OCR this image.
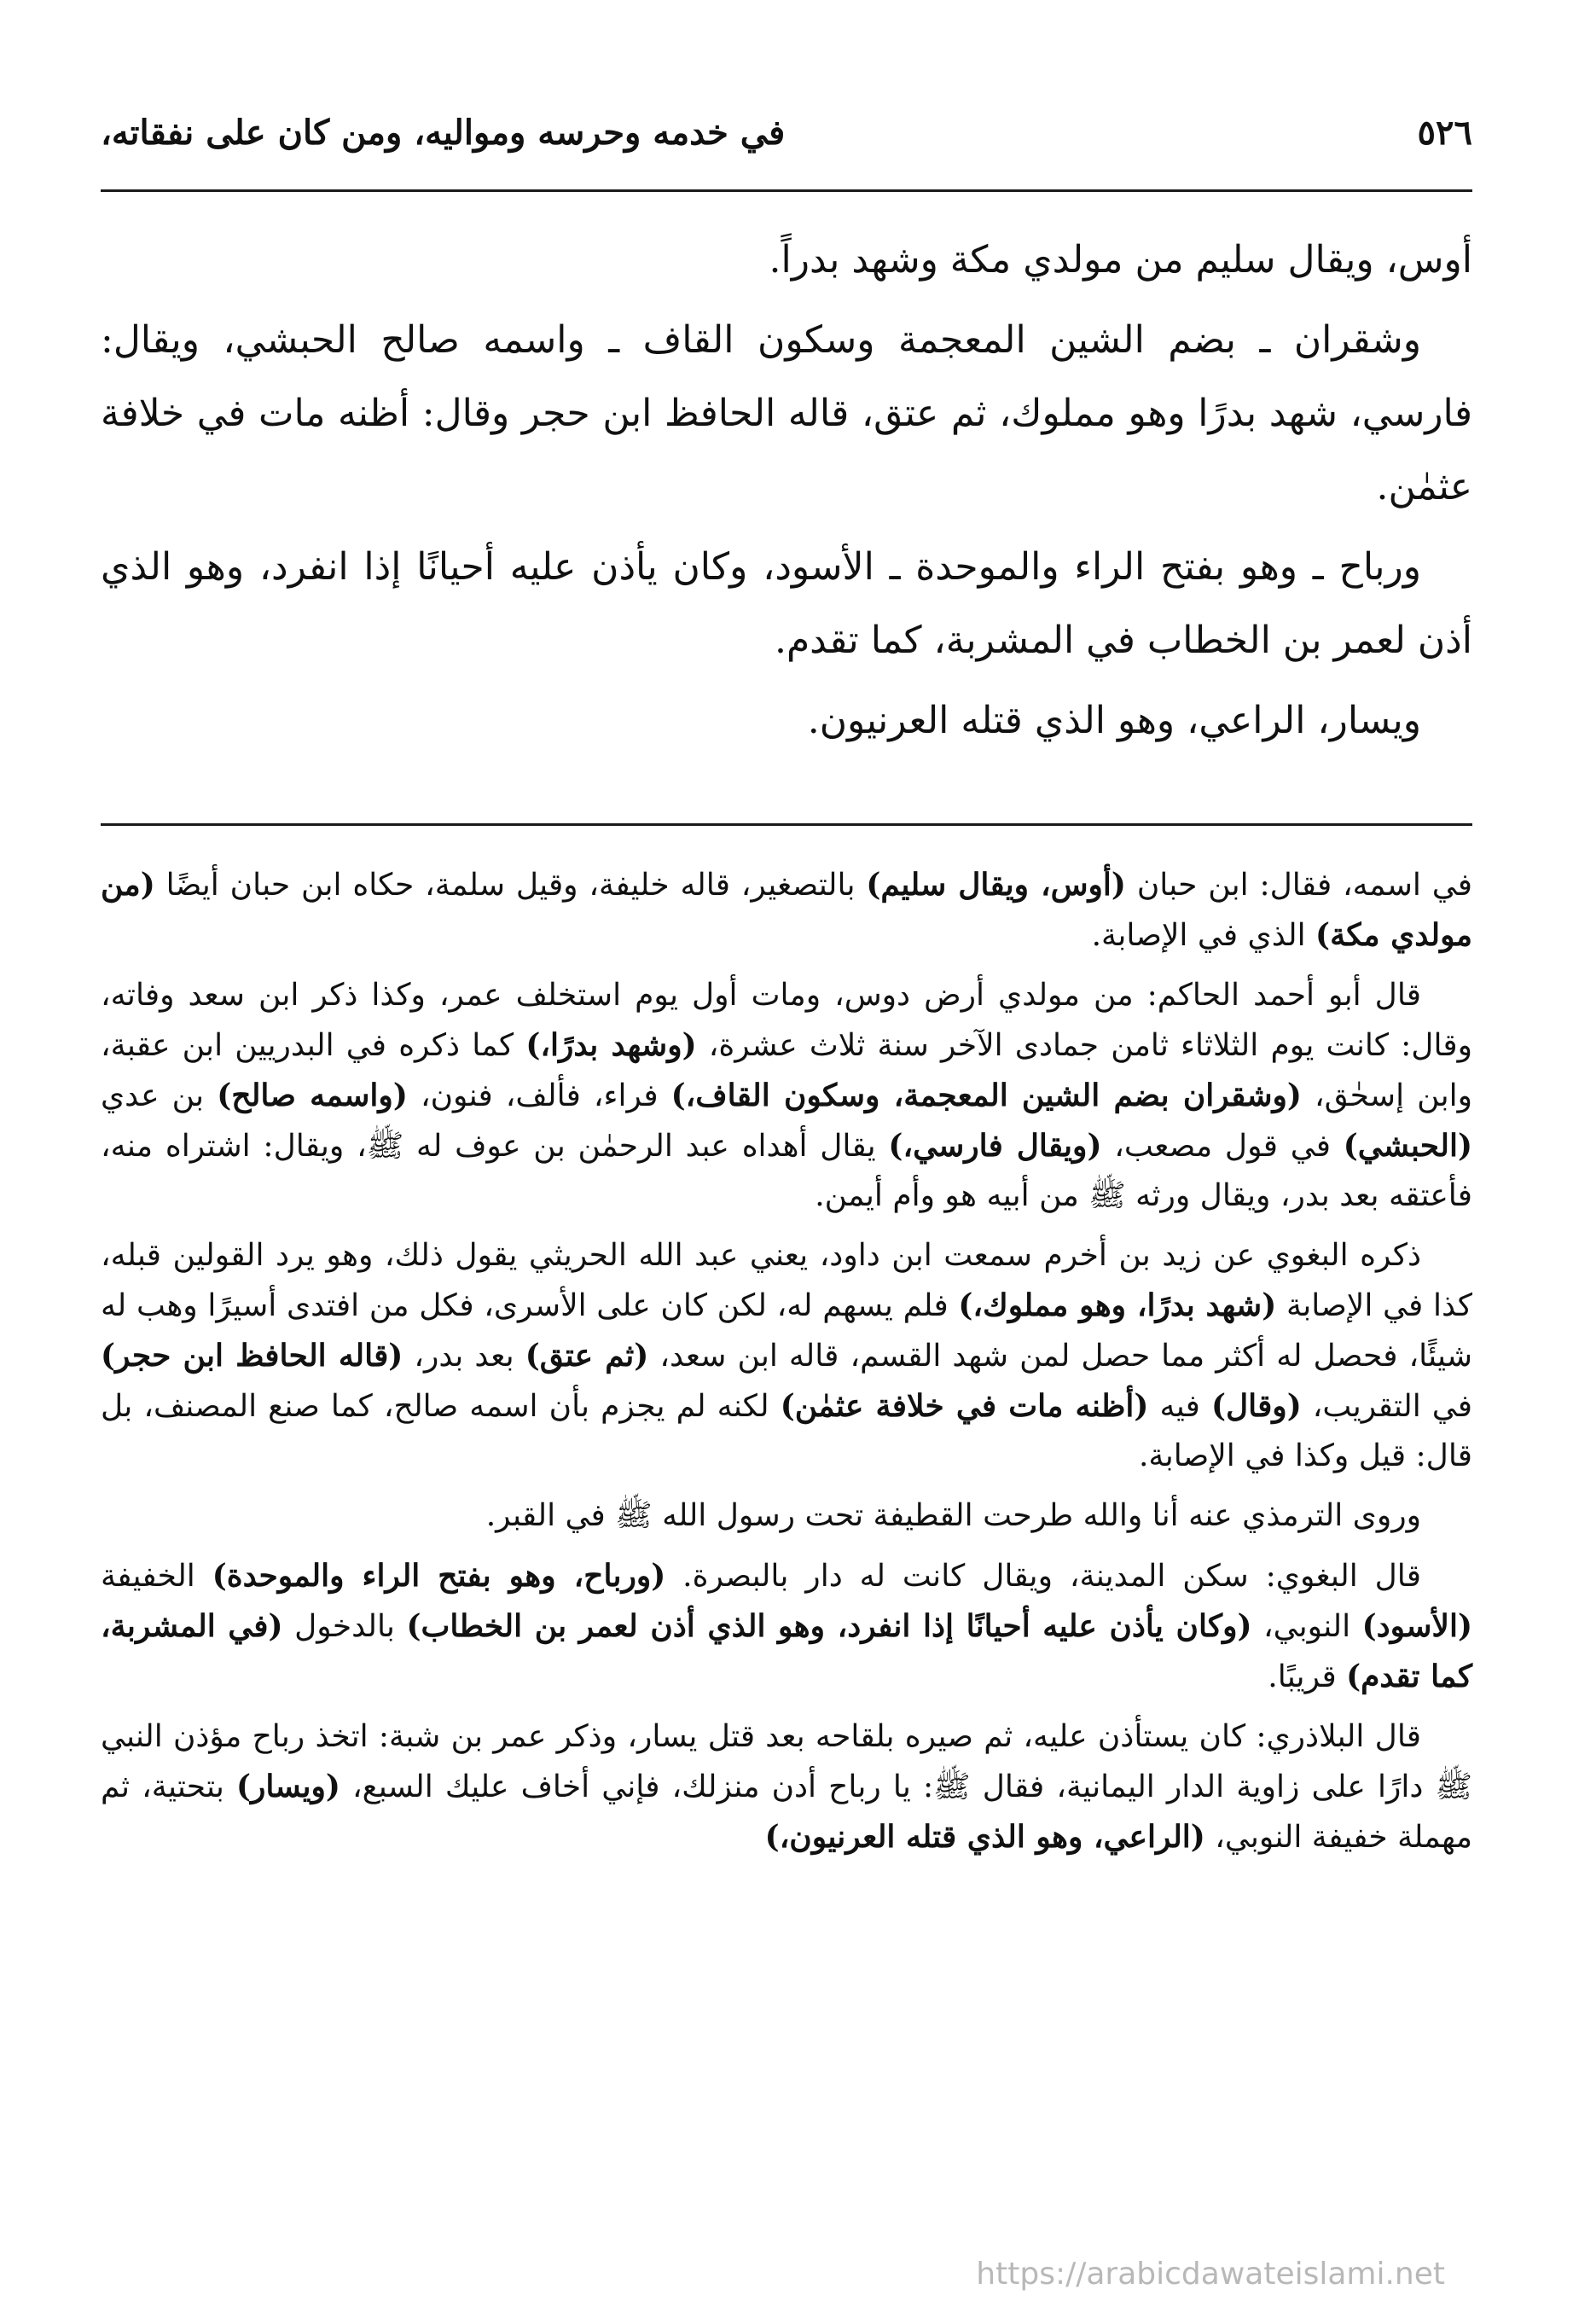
٥٢٦
في خدمه وحرسه ومواليه، ومن كان على نفقاته،

أوس، ويقال سليم من مولدي مكة وشهد بدراً.

وشقران ـ بضم الشين المعجمة وسكون القاف ـ واسمه صالح الحبشي، ويقال: فارسي، شهد بدرًا وهو مملوك، ثم عتق، قاله الحافظ ابن حجر وقال: أظنه مات في خلافة عثمٰن.

ورباح ـ وهو بفتح الراء والموحدة ـ الأسود، وكان يأذن عليه أحيانًا إذا انفرد، وهو الذي أذن لعمر بن الخطاب في المشربة، كما تقدم.

ويسار، الراعي، وهو الذي قتله العرنيون.

في اسمه، فقال: ابن حبان (أوس، ويقال سليم) بالتصغير، قاله خليفة، وقيل سلمة، حكاه ابن حبان أيضًا (من مولدي مكة) الذي في الإصابة.

قال أبو أحمد الحاكم: من مولدي أرض دوس، ومات أول يوم استخلف عمر، وكذا ذكر ابن سعد وفاته، وقال: كانت يوم الثلاثاء ثامن جمادى الآخر سنة ثلاث عشرة، (وشهد بدرًا،) كما ذكره في البدريين ابن عقبة، وابن إسحٰق، (وشقران بضم الشين المعجمة، وسكون القاف،) فراء، فألف، فنون، (واسمه صالح) بن عدي (الحبشي) في قول مصعب، (ويقال فارسي،) يقال أهداه عبد الرحمٰن بن عوف له ﷺ، ويقال: اشتراه منه، فأعتقه بعد بدر، ويقال ورثه ﷺ من أبيه هو وأم أيمن.

ذكره البغوي عن زيد بن أخرم سمعت ابن داود، يعني عبد الله الحريثي يقول ذلك، وهو يرد القولين قبله، كذا في الإصابة (شهد بدرًا، وهو مملوك،) فلم يسهم له، لكن كان على الأسرى، فكل من افتدى أسيرًا وهب له شيئًا، فحصل له أكثر مما حصل لمن شهد القسم، قاله ابن سعد، (ثم عتق) بعد بدر، (قاله الحافظ ابن حجر) في التقريب، (وقال) فيه (أظنه مات في خلافة عثمٰن) لكنه لم يجزم بأن اسمه صالح، كما صنع المصنف، بل قال: قيل وكذا في الإصابة.

وروى الترمذي عنه أنا والله طرحت القطيفة تحت رسول الله ﷺ في القبر.

قال البغوي: سكن المدينة، ويقال كانت له دار بالبصرة. (ورباح، وهو بفتح الراء والموحدة) الخفيفة (الأسود) النوبي، (وكان يأذن عليه أحيانًا إذا انفرد، وهو الذي أذن لعمر بن الخطاب) بالدخول (في المشربة، كما تقدم) قريبًا.

قال البلاذري: كان يستأذن عليه، ثم صيره بلقاحه بعد قتل يسار، وذكر عمر بن شبة: اتخذ رباح مؤذن النبي ﷺ دارًا على زاوية الدار اليمانية، فقال ﷺ: يا رباح أدن منزلك، فإني أخاف عليك السبع، (ويسار) بتحتية، ثم مهملة خفيفة النوبي، (الراعي، وهو الذي قتله العرنيون،)

https://arabicdawateislami.net
